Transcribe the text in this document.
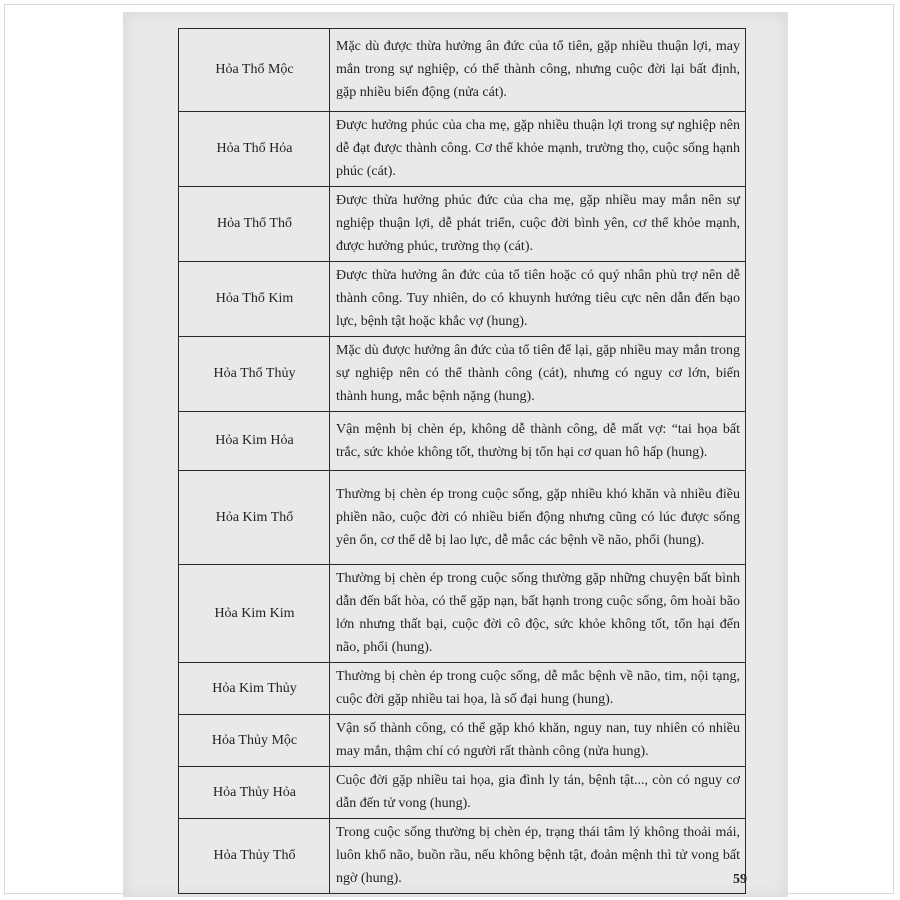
Hỏa Thổ Mộc	Mặc dù được thừa hưởng ân đức của tổ tiên, gặp nhiều thuận lợi, may mắn trong sự nghiệp, có thể thành công, nhưng cuộc đời lại bất định, gặp nhiều biến động (nửa cát).
Hỏa Thổ Hỏa	Được hưởng phúc của cha mẹ, gặp nhiều thuận lợi trong sự nghiệp nên dễ đạt được thành công. Cơ thể khỏe mạnh, trường thọ, cuộc sống hạnh phúc (cát).
Hỏa Thổ Thổ	Được thừa hưởng phúc đức của cha mẹ, gặp nhiều may mắn nên sự nghiệp thuận lợi, dễ phát triển, cuộc đời bình yên, cơ thể khỏe mạnh, được hưởng phúc, trường thọ (cát).
Hỏa Thổ Kim	Được thừa hưởng ân đức của tổ tiên hoặc có quý nhân phù trợ nên dễ thành công. Tuy nhiên, do có khuynh hướng tiêu cực nên dẫn đến bạo lực, bệnh tật hoặc khắc vợ (hung).
Hỏa Thổ Thủy	Mặc dù được hưởng ân đức của tổ tiên để lại, gặp nhiều may mắn trong sự nghiệp nên có thể thành công (cát), nhưng có nguy cơ lớn, biến thành hung, mắc bệnh nặng (hung).
Hỏa Kim Hỏa	Vận mệnh bị chèn ép, không dễ thành công, dễ mất vợ: “tai họa bất trắc, sức khỏe không tốt, thường bị tổn hại cơ quan hô hấp (hung).
Hỏa Kim Thổ	Thường bị chèn ép trong cuộc sống, gặp nhiều khó khăn và nhiều điều phiền não, cuộc đời có nhiều biến động nhưng cũng có lúc được sống yên ổn, cơ thể dễ bị lao lực, dễ mắc các bệnh về não, phổi (hung).
Hỏa Kim Kim	Thường bị chèn ép trong cuộc sống thường gặp những chuyện bất bình dẫn đến bất hòa, có thể gặp nạn, bất hạnh trong cuộc sống, ôm hoài bão lớn nhưng thất bại, cuộc đời cô độc, sức khỏe không tốt, tổn hại đến não, phổi (hung).
Hỏa Kim Thủy	Thường bị chèn ép trong cuộc sống, dễ mắc bệnh về não, tim, nội tạng, cuộc đời gặp nhiều tai họa, là số đại hung (hung).
Hỏa Thủy Mộc	Vận số thành công, có thể gặp khó khăn, nguy nan, tuy nhiên có nhiều may mắn, thậm chí có người rất thành công (nửa hung).
Hỏa Thủy Hỏa	Cuộc đời gặp nhiều tai họa, gia đình ly tán, bệnh tật..., còn có nguy cơ dẫn đến tử vong (hung).
Hỏa Thủy Thổ	Trong cuộc sống thường bị chèn ép, trạng thái tâm lý không thoải mái, luôn khổ não, buồn rầu, nếu không bệnh tật, đoản mệnh thì tử vong bất ngờ (hung).	59
